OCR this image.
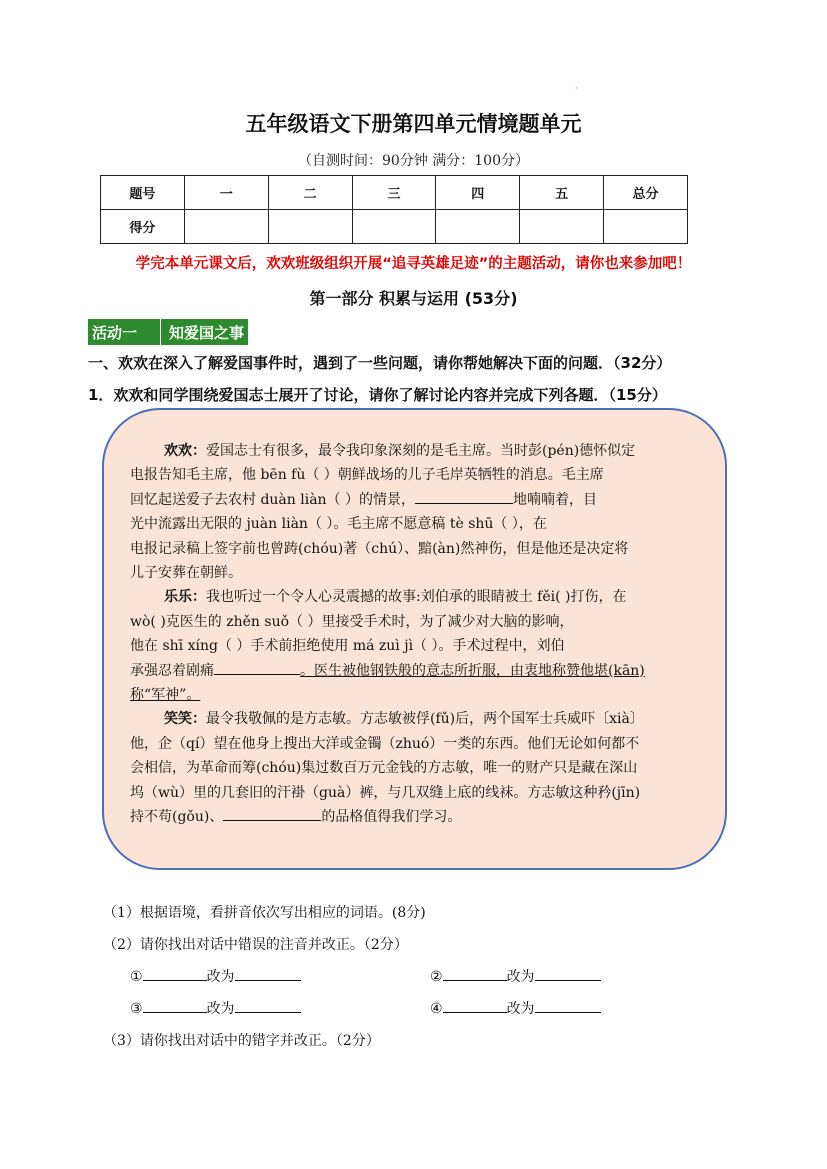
·
五年级语文下册第四单元情境题单元
（自测时间：90分钟 满分：100分）
题号	一	二	三	四	五	总分
得分						
学完本单元课文后，欢欢班级组织开展“追寻英雄足迹”的主题活动，请你也来参加吧！
第一部分 积累与运用 (53分)
活动一	知爱国之事
一、欢欢在深入了解爱国事件时，遇到了一些问题，请你帮她解决下面的问题．（32分）
1．欢欢和同学围绕爱国志士展开了讨论，请你了解讨论内容并完成下列各题．（15分）

欢欢：爱国志士有很多，最令我印象深刻的是毛主席。当时彭(pén)德怀似定

电报告知毛主席，他 bēn fù（ ）朝鲜战场的儿子毛岸英牺牲的消息。毛主席

回忆起送爱子去农村 duàn liàn（ ）的情景，	地喃喃着，目

光中流露出无限的 juàn liàn（ ）。毛主席不愿意稿 tè shū（ ），在

电报记录稿上签字前也曾踌(chóu)著（chú）、黯(àn)然神伤，但是他还是决定将

儿子安葬在朝鲜。

乐乐：我也听过一个令人心灵震撼的故事:刘伯承的眼睛被土 fěi( )打伤，在

wò( )克医生的 zhěn suǒ（ ）里接受手术时，为了减少对大脑的影响，

他在 shī xíng（ ）手术前拒绝使用 má zuì jì（ ）。手术过程中，刘伯

承强忍着剧痛	。医生被他钢铁般的意志所折服，由衷地称赞他堪(kān)

称“军神”。

笑笑：最令我敬佩的是方志敏。方志敏被俘(fǔ)后，两个国军士兵威吓〔xià〕

他，企（qí）望在他身上搜出大洋或金镯（zhuó）一类的东西。他们无论如何都不

会相信，为革命而筹(chóu)集过数百万元金钱的方志敏，唯一的财产只是藏在深山

坞（wù）里的几套旧的汗褂（guà）裤，与几双缝上底的线袜。方志敏这种矜(jīn)

持不苟(gǒu)、	的品格值得我们学习。

（1）根据语境，看拼音依次写出相应的词语。(8分)
（2）请你找出对话中错误的注音并改正。（2分）
①	改为	②	改为
③	改为	④	改为
（3）请你找出对话中的错字并改正。（2分）
